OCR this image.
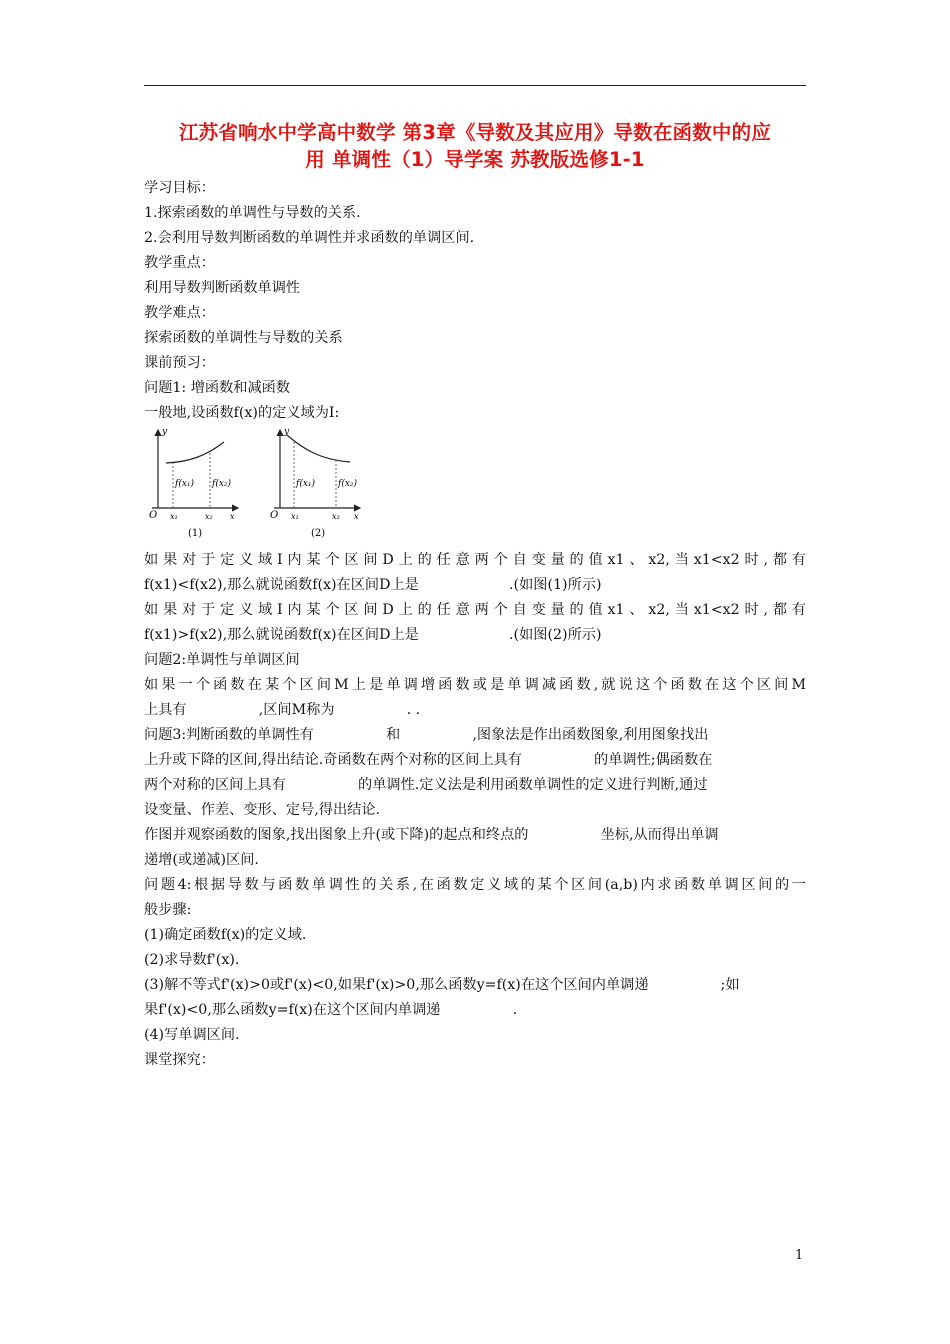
江苏省响水中学高中数学 第3章《导数及其应用》导数在函数中的应
用 单调性（1）导学案 苏教版选修1-1
学习目标：
1.探索函数的单调性与导数的关系.
2.会利用导数判断函数的单调性并求函数的单调区间.
教学重点：
利用导数判断函数单调性
教学难点：
探索函数的单调性与导数的关系
课前预习：
问题1: 增函数和减函数
一般地,设函数f(x)的定义域为I:
y
O x₁	x₂ x
f(x₁) f(x₂)
(1)
y
O x₁	x₂ x
f(x₁)	f(x₂)
(2)
如果对于定义域I内某个区间D上的任意两个自变量的值x1、x2,当x1<x2时,都有
f(x1)<f(x2),那么就说函数f(x)在区间D上是                    .(如图(1)所示)
如果对于定义域I内某个区间D上的任意两个自变量的值x1、x2,当x1<x2时,都有
f(x1)>f(x2),那么就说函数f(x)在区间D上是                    .(如图(2)所示)
问题2:单调性与单调区间
如果一个函数在某个区间M上是单调增函数或是单调减函数,就说这个函数在这个区间M
上具有                ,区间M称为                . .
问题3:判断函数的单调性有                和                ,图象法是作出函数图象,利用图象找出
上升或下降的区间,得出结论.奇函数在两个对称的区间上具有                的单调性;偶函数在
两个对称的区间上具有                的单调性.定义法是利用函数单调性的定义进行判断,通过
设变量、作差、变形、定号,得出结论.
作图并观察函数的图象,找出图象上升(或下降)的起点和终点的                坐标,从而得出单调
递增(或递减)区间.
问题4:根据导数与函数单调性的关系,在函数定义域的某个区间(a,b)内求函数单调区间的一
般步骤:
(1)确定函数f(x)的定义域.
(2)求导数f'(x).
(3)解不等式f'(x)>0或f'(x)<0,如果f'(x)>0,那么函数y=f(x)在这个区间内单调递                ;如
果f'(x)<0,那么函数y=f(x)在这个区间内单调递                .
(4)写单调区间.
课堂探究：
1
